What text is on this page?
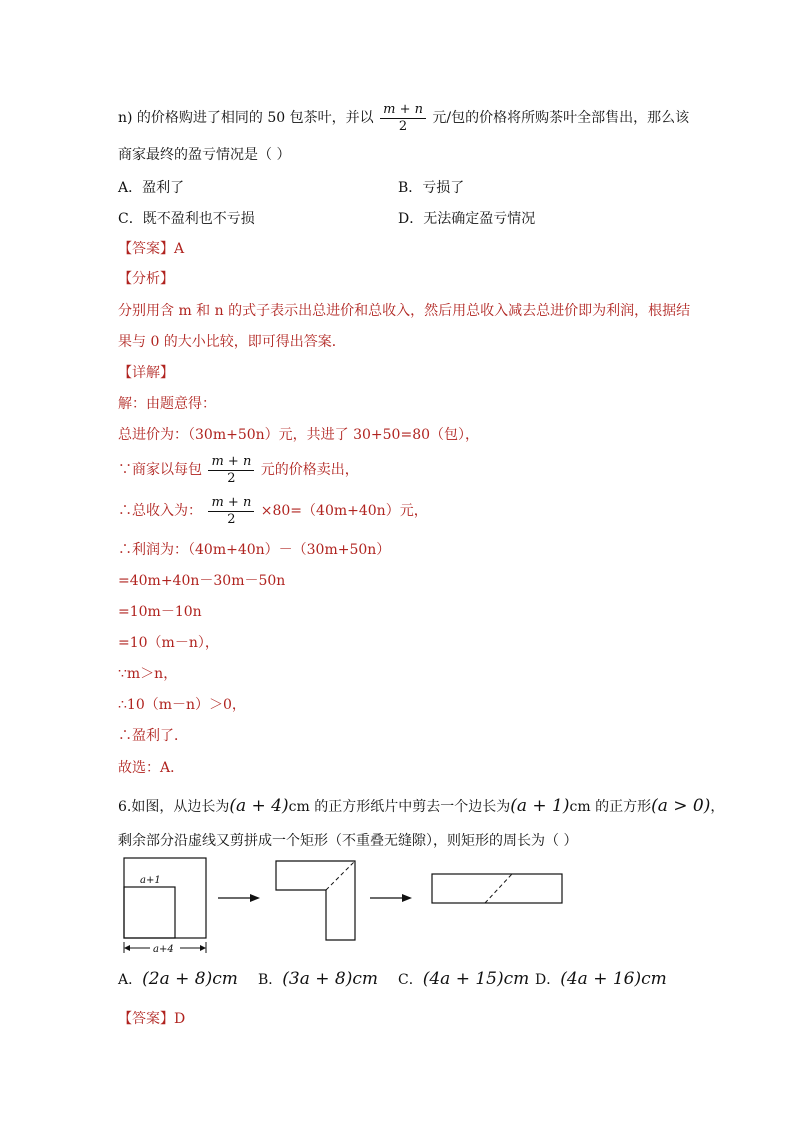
n) 的价格购进了相同的 50 包茶叶，并以 $\frac{m + n}{2}$ 元/包的价格将所购茶叶全部售出，那么该
商家最终的盈亏情况是（ ）
A．盈利了	B．亏损了
C．既不盈利也不亏损	D．无法确定盈亏情况
【答案】A
【分析】
分别用含 m 和 n 的式子表示出总进价和总收入，然后用总收入减去总进价即为利润，根据结
果与 0 的大小比较，即可得出答案．
【详解】
解：由题意得：
总进价为：（30m+50n）元，共进了 30+50=80（包），
∵商家以每包 $\frac{m + n}{2}$ 元的价格卖出，
∴总收入为： $\frac{m + n}{2} \times 80=(40m+40n)$元，
∴利润为：（40m+40n）－（30m+50n）
=40m+40n－30m－50n
=10m－10n
=10（m－n），
∵m＞n，
∴10（m－n）＞0，
∴盈利了．
故选：A．
6.如图，从边长为(a + 4)cm 的正方形纸片中剪去一个边长为(a + 1)cm 的正方形(a > 0)，
剩余部分沿虚线又剪拼成一个矩形（不重叠无缝隙），则矩形的周长为（ ）
a+1
a+4
A．(2a + 8)cm B．(3a + 8)cm C．(4a + 15)cm D．(4a + 16)cm
【答案】D
